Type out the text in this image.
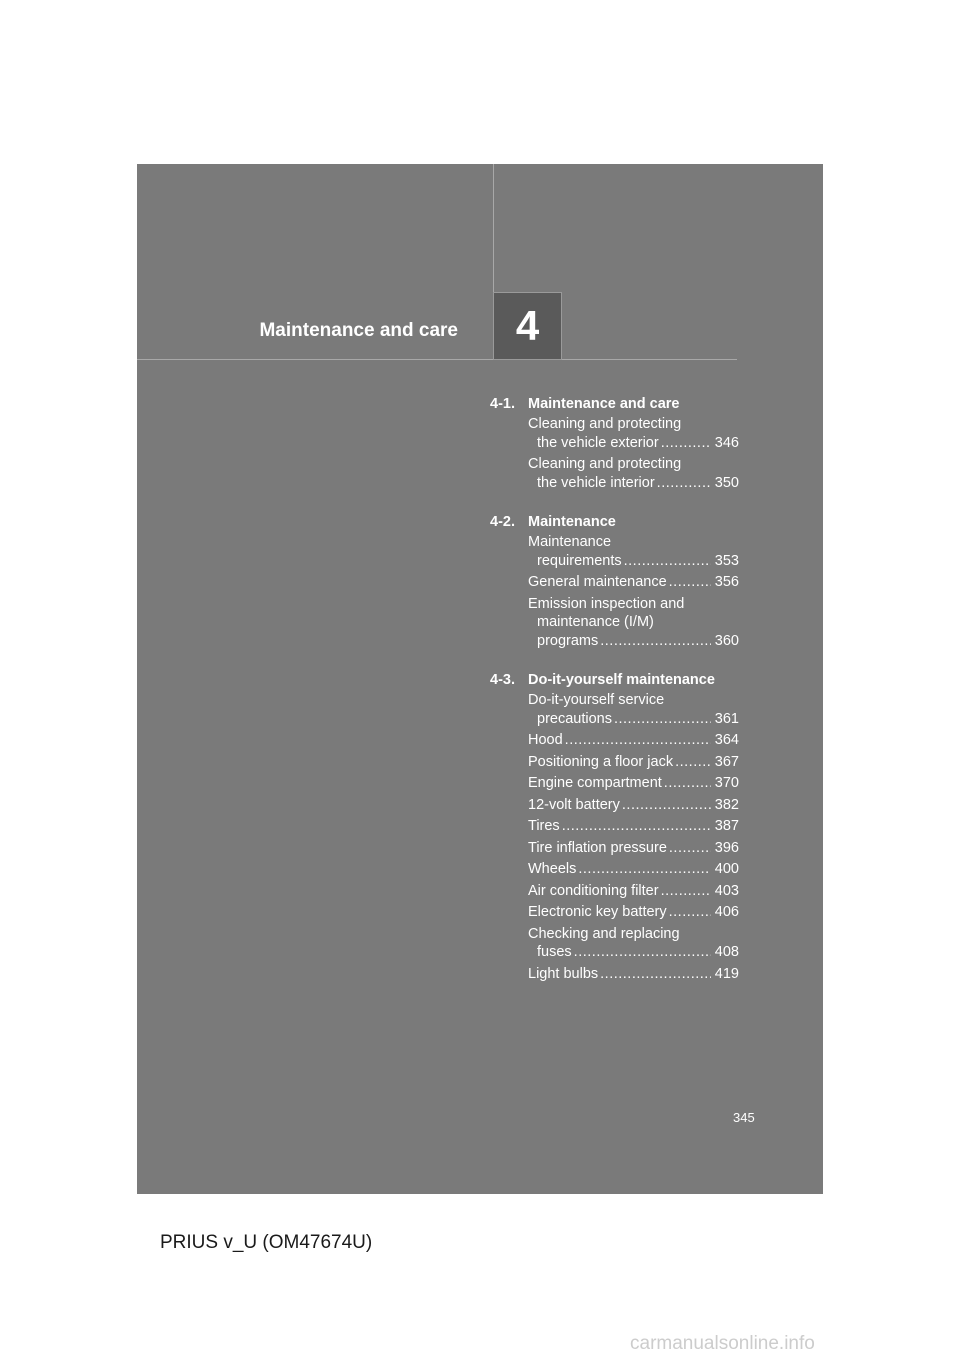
Maintenance and care	4
4-1. Maintenance and care
Cleaning and protecting
the vehicle exterior .....	346
Cleaning and protecting
the vehicle interior .....	350
4-2. Maintenance
Maintenance
requirements .....	353
General maintenance .....	356
Emission inspection and
maintenance (I/M)
programs .....	360
4-3. Do-it-yourself maintenance
Do-it-yourself service
precautions .....	361
Hood .....	364
Positioning a floor jack .....	367
Engine compartment .....	370
12-volt battery .....	382
Tires .....	387
Tire inflation pressure .....	396
Wheels .....	400
Air conditioning filter .....	403
Electronic key battery .....	406
Checking and replacing
fuses .....	408
Light bulbs .....	419
345
PRIUS v_U (OM47674U)
carmanualsonline.info
